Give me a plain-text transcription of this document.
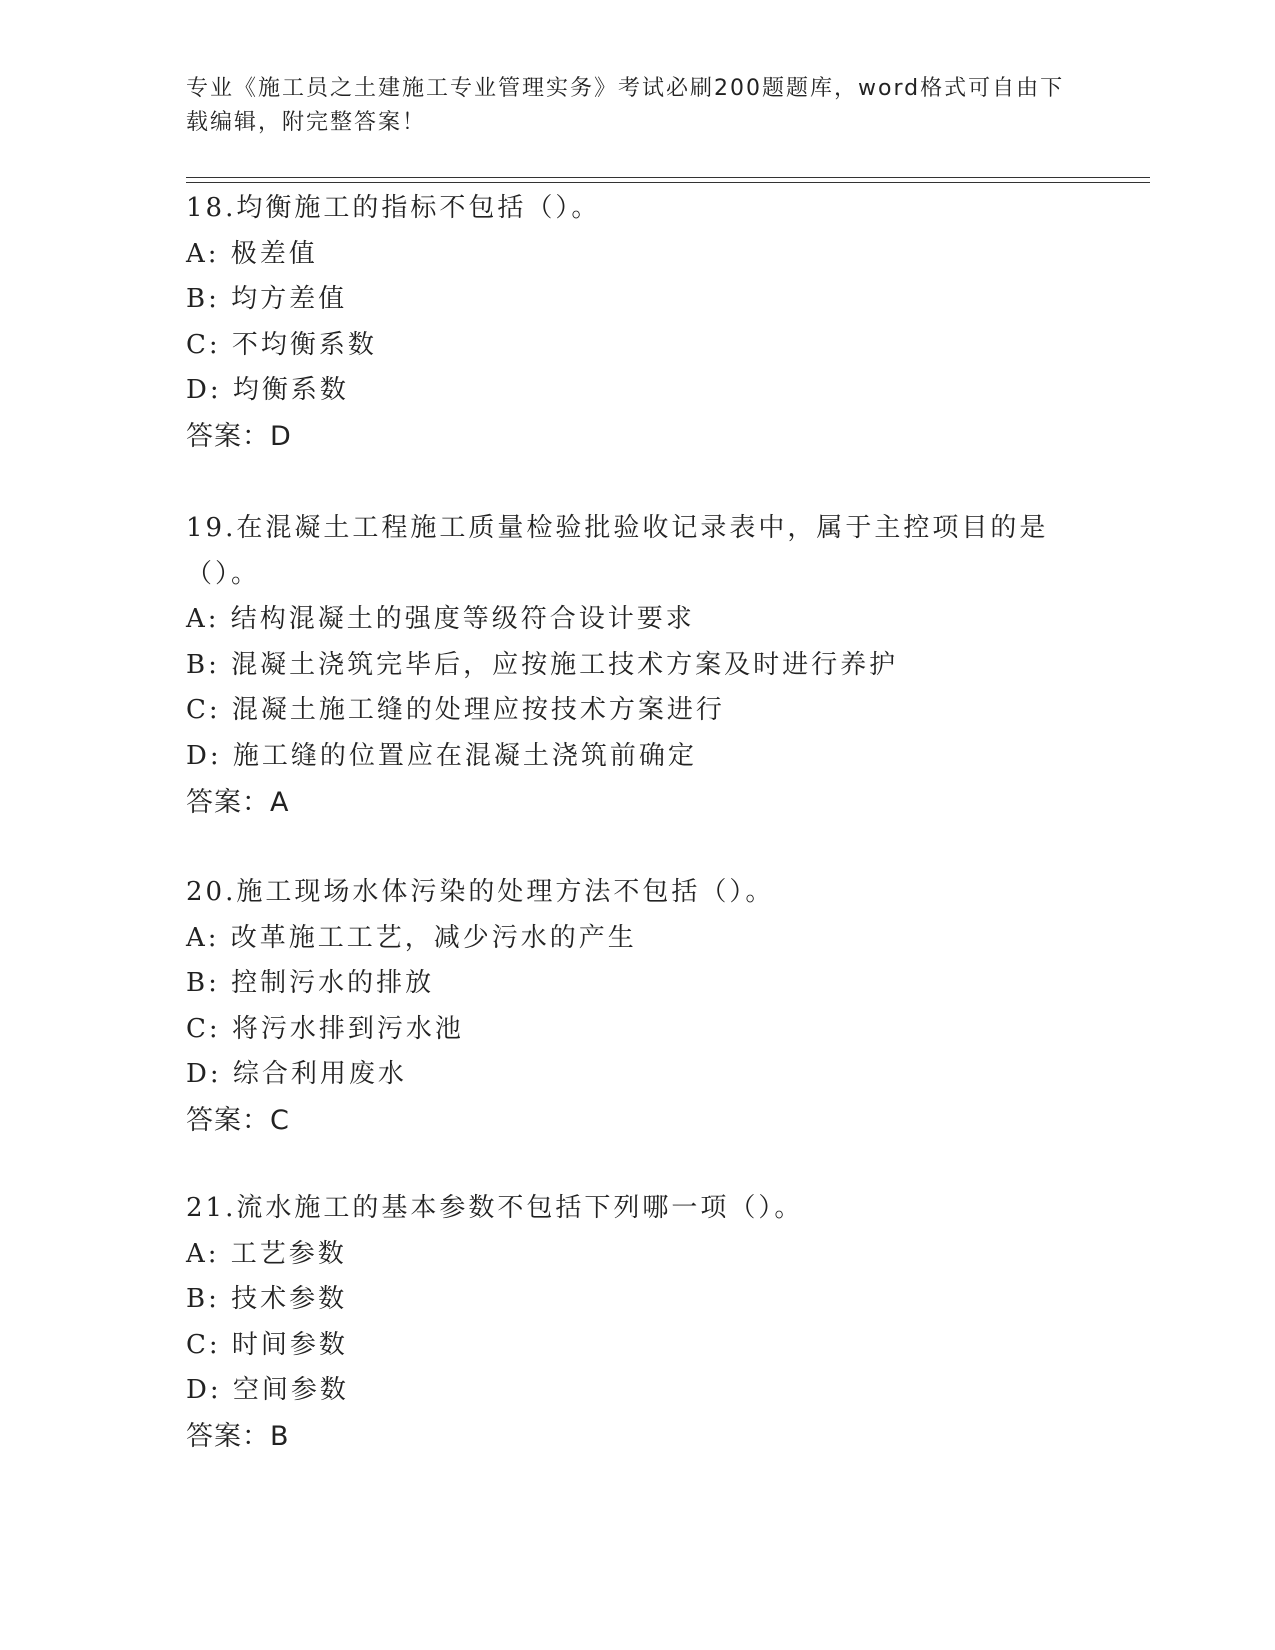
专业《施工员之土建施工专业管理实务》考试必刷200题题库，word格式可自由下载编辑，附完整答案！
18.均衡施工的指标不包括（）。
A: 极差值
B: 均方差值
C: 不均衡系数
D: 均衡系数
答案：D
19.在混凝土工程施工质量检验批验收记录表中，属于主控项目的是（）。
A: 结构混凝土的强度等级符合设计要求
B: 混凝土浇筑完毕后，应按施工技术方案及时进行养护
C: 混凝土施工缝的处理应按技术方案进行
D: 施工缝的位置应在混凝土浇筑前确定
答案：A
20.施工现场水体污染的处理方法不包括（）。
A: 改革施工工艺，减少污水的产生
B: 控制污水的排放
C: 将污水排到污水池
D: 综合利用废水
答案：C
21.流水施工的基本参数不包括下列哪一项（）。
A: 工艺参数
B: 技术参数
C: 时间参数
D: 空间参数
答案：B
